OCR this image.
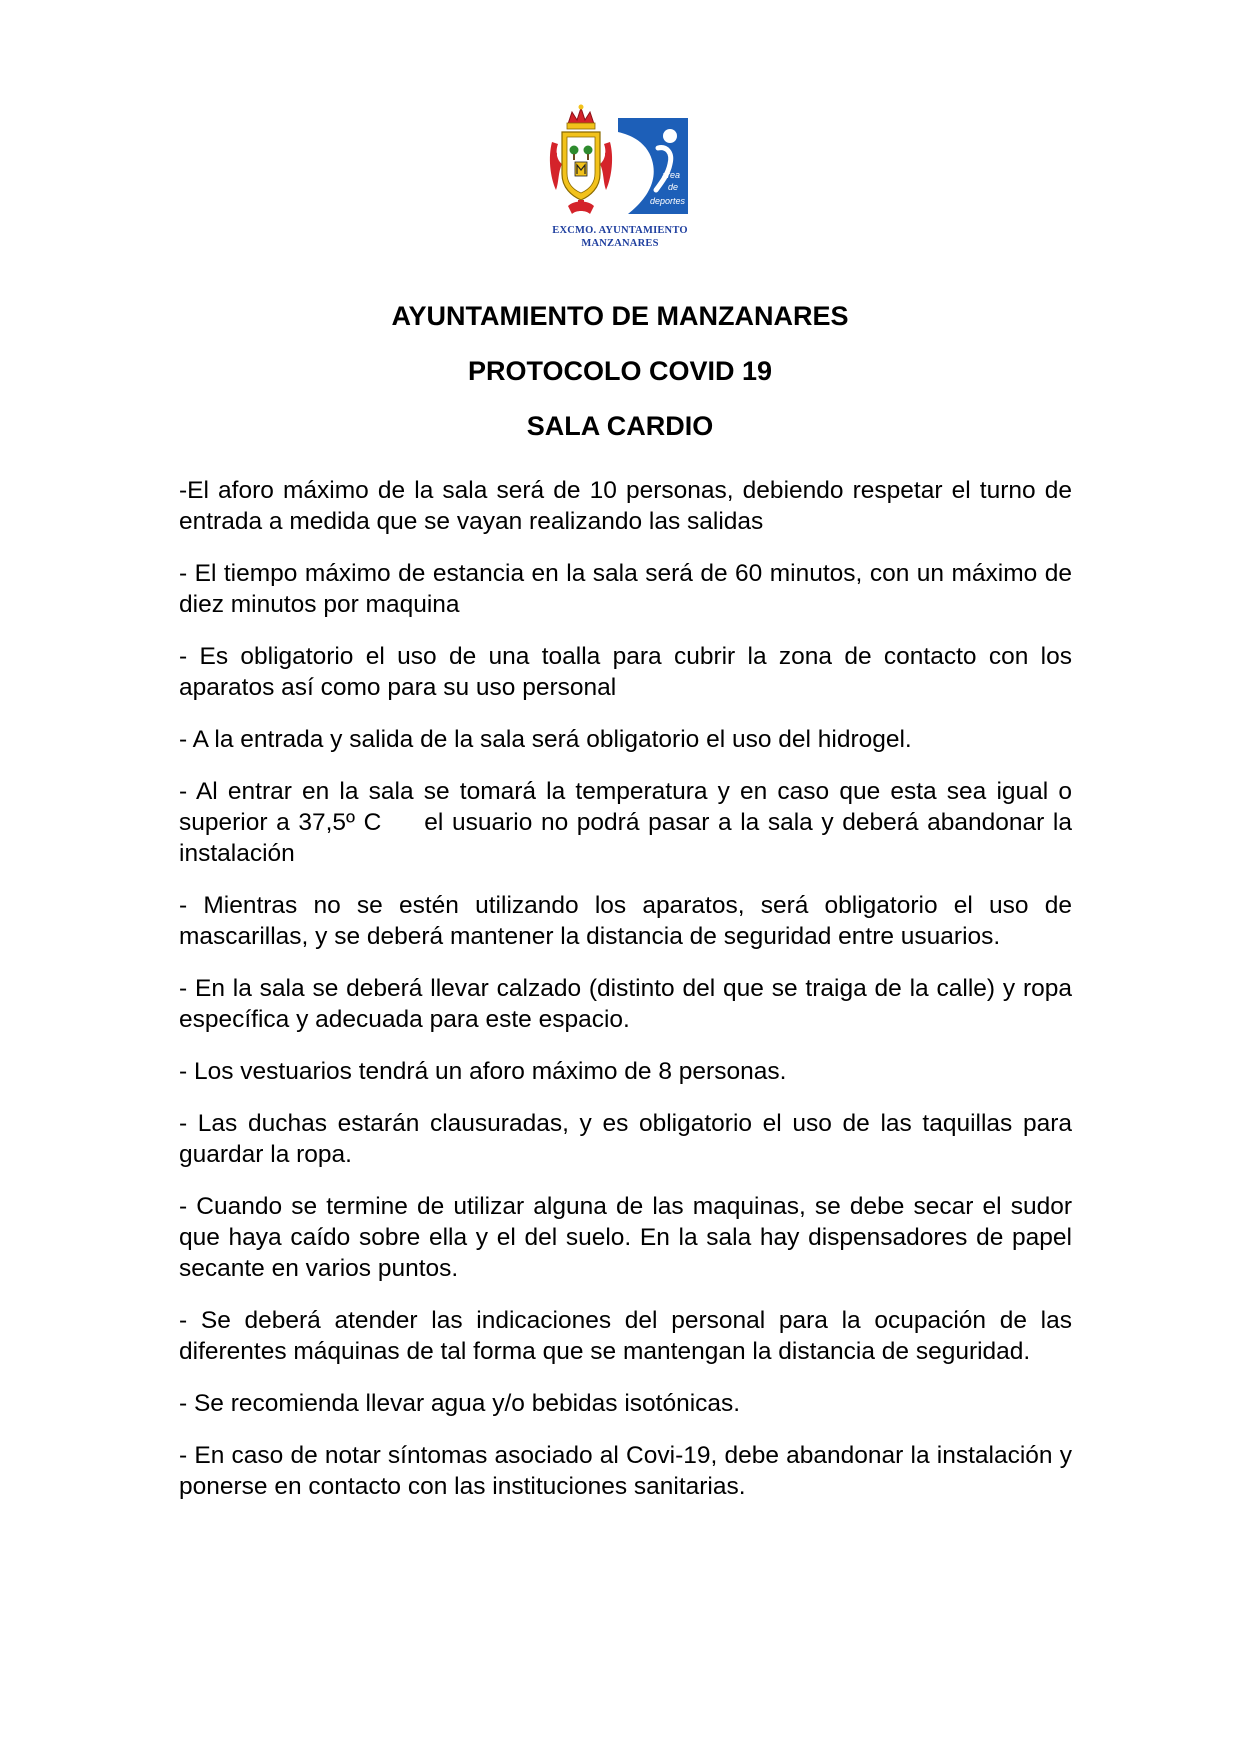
área
de
deportes
EXCMO. AYUNTAMIENTO
MANZANARES
AYUNTAMIENTO DE MANZANARES
PROTOCOLO COVID 19
SALA CARDIO

-El aforo máximo de la sala será de 10 personas, debiendo respetar el turno de entrada a medida que se vayan realizando las salidas

- El tiempo máximo de estancia en la sala será de 60 minutos, con un máximo de diez minutos por maquina

- Es obligatorio el uso de una toalla para cubrir la zona de contacto con los aparatos así como para su uso personal

- A la entrada y salida de la sala será obligatorio el uso del hidrogel.

- Al entrar en la sala se tomará la temperatura y en caso que esta sea igual o  superior a 37,5º C     el usuario no podrá pasar a la sala y deberá abandonar la instalación

- Mientras no se estén utilizando los aparatos, será obligatorio el uso de mascarillas, y se deberá mantener la distancia de seguridad entre usuarios.

- En la sala se deberá llevar calzado (distinto del que se traiga de la calle) y ropa específica y adecuada para este espacio.

- Los vestuarios tendrá un aforo máximo de 8 personas.

- Las duchas estarán clausuradas, y es obligatorio el uso de las taquillas para guardar la ropa.

- Cuando se termine de utilizar alguna de las maquinas, se debe secar el sudor que haya caído sobre ella y el del suelo. En la sala hay dispensadores de papel secante en varios puntos.

- Se deberá atender las indicaciones del personal para la ocupación de las diferentes máquinas de tal forma que se mantengan la distancia de seguridad.

- Se recomienda llevar agua y/o bebidas isotónicas.

- En caso de notar síntomas asociado al Covi-19, debe abandonar la instalación y ponerse en contacto con las instituciones sanitarias.
